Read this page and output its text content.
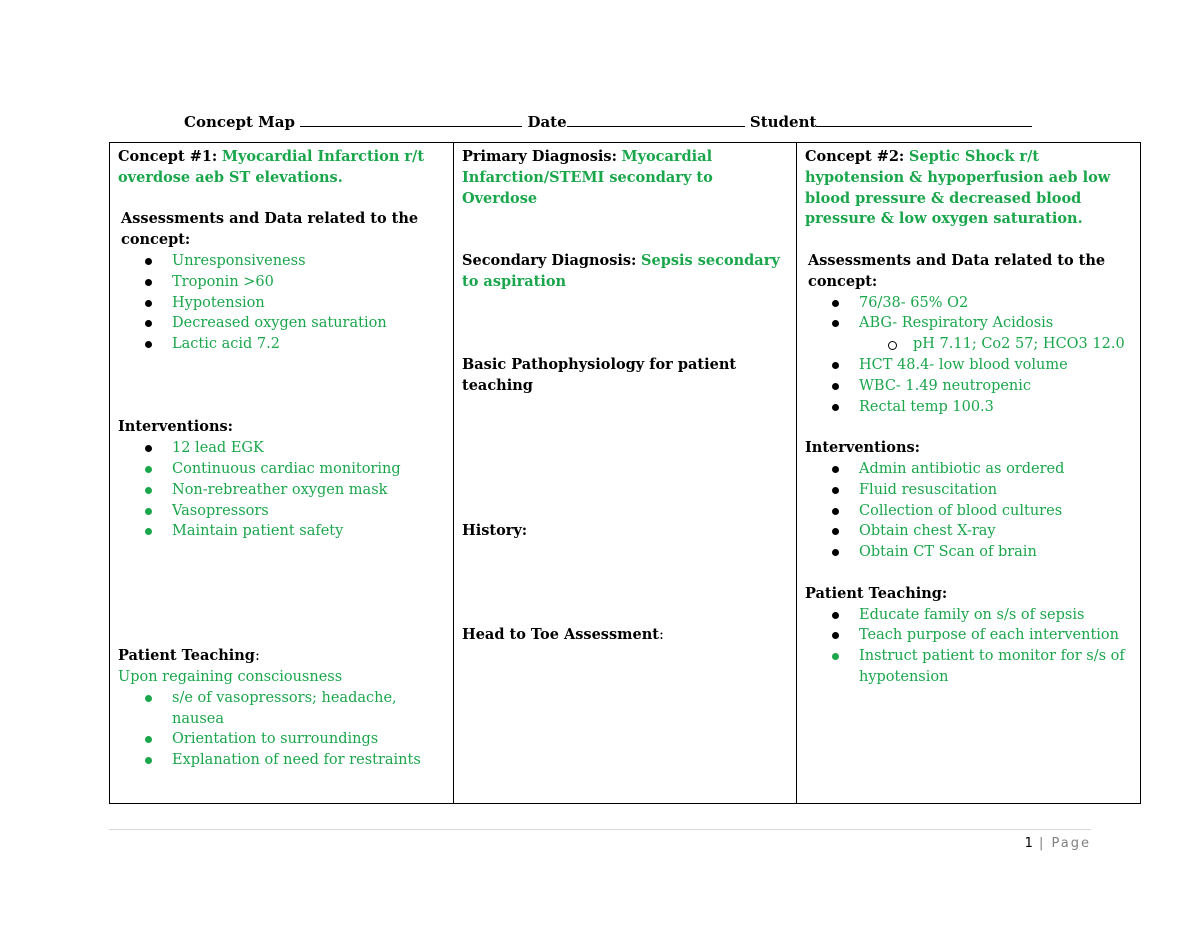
Concept Map	Date	Student
Concept #1: Myocardial Infarction r/t overdose aeb ST elevations.
Assessments and Data related to the concept:
Unresponsiveness
Troponin >60
Hypotension
Decreased oxygen saturation
Lactic acid 7.2
Interventions:
12 lead EGK
Continuous cardiac monitoring
Non-rebreather oxygen mask
Vasopressors
Maintain patient safety
Patient Teaching:
Upon regaining consciousness
s/e of vasopressors; headache, nausea
Orientation to surroundings
Explanation of need for restraints

Primary Diagnosis: Myocardial Infarction/STEMI secondary to Overdose
Secondary Diagnosis: Sepsis secondary to aspiration
Basic Pathophysiology for patient teaching
History:
Head to Toe Assessment:

Concept #2: Septic Shock r/t hypotension & hypoperfusion aeb low blood pressure & decreased blood pressure & low oxygen saturation.
Assessments and Data related to the concept:
76/38- 65% O2
ABG- Respiratory Acidosis
pH 7.11; Co2 57; HCO3 12.0
HCT 48.4- low blood volume
WBC- 1.49 neutropenic
Rectal temp 100.3
Interventions:
Admin antibiotic as ordered
Fluid resuscitation
Collection of blood cultures
Obtain chest X-ray
Obtain CT Scan of brain
Patient Teaching:
Educate family on s/s of sepsis
Teach purpose of each intervention
Instruct patient to monitor for s/s of hypotension
1 | Page
